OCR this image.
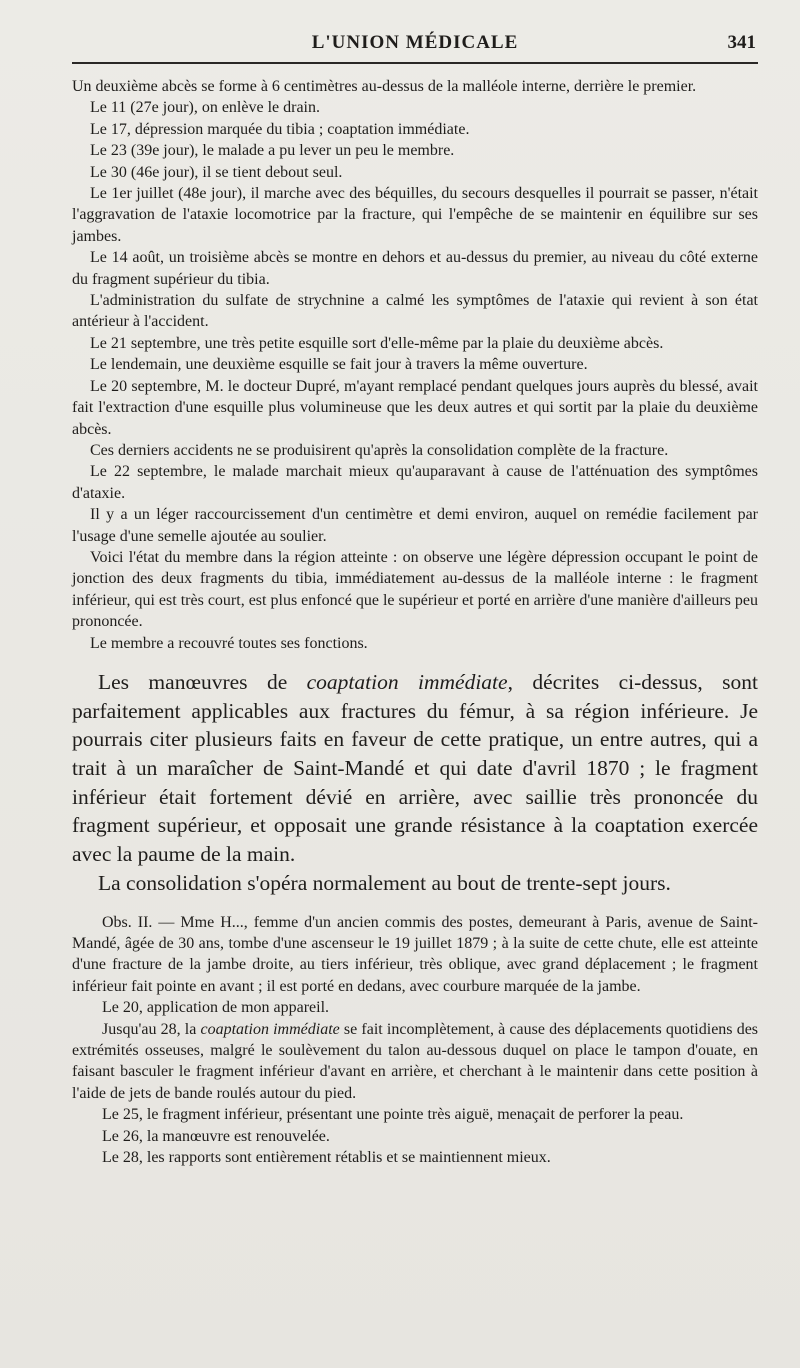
L'UNION MÉDICALE	341

Un deuxième abcès se forme à 6 centimètres au-dessus de la malléole interne, derrière le premier.

Le 11 (27e jour), on enlève le drain.

Le 17, dépression marquée du tibia ; coaptation immédiate.

Le 23 (39e jour), le malade a pu lever un peu le membre.

Le 30 (46e jour), il se tient debout seul.

Le 1er juillet (48e jour), il marche avec des béquilles, du secours desquelles il pourrait se passer, n'était l'aggravation de l'ataxie locomotrice par la fracture, qui l'empêche de se maintenir en équilibre sur ses jambes.

Le 14 août, un troisième abcès se montre en dehors et au-dessus du premier, au niveau du côté externe du fragment supérieur du tibia.

L'administration du sulfate de strychnine a calmé les symptômes de l'ataxie qui revient à son état antérieur à l'accident.

Le 21 septembre, une très petite esquille sort d'elle-même par la plaie du deuxième abcès.

Le lendemain, une deuxième esquille se fait jour à travers la même ouverture.

Le 20 septembre, M. le docteur Dupré, m'ayant remplacé pendant quelques jours auprès du blessé, avait fait l'extraction d'une esquille plus volumineuse que les deux autres et qui sortit par la plaie du deuxième abcès.

Ces derniers accidents ne se produisirent qu'après la consolidation complète de la fracture.

Le 22 septembre, le malade marchait mieux qu'auparavant à cause de l'atténuation des symptômes d'ataxie.

Il y a un léger raccourcissement d'un centimètre et demi environ, auquel on remédie facilement par l'usage d'une semelle ajoutée au soulier.

Voici l'état du membre dans la région atteinte : on observe une légère dépression occupant le point de jonction des deux fragments du tibia, immédiatement au-dessus de la malléole interne : le fragment inférieur, qui est très court, est plus enfoncé que le supérieur et porté en arrière d'une manière d'ailleurs peu prononcée.

Le membre a recouvré toutes ses fonctions.

Les manœuvres de coaptation immédiate, décrites ci-dessus, sont parfaitement applicables aux fractures du fémur, à sa région inférieure. Je pourrais citer plusieurs faits en faveur de cette pratique, un entre autres, qui a trait à un maraîcher de Saint-Mandé et qui date d'avril 1870 ; le fragment inférieur était fortement dévié en arrière, avec saillie très prononcée du fragment supérieur, et opposait une grande résistance à la coaptation exercée avec la paume de la main.

La consolidation s'opéra normalement au bout de trente-sept jours.

Obs. II. — Mme H..., femme d'un ancien commis des postes, demeurant à Paris, avenue de Saint-Mandé, âgée de 30 ans, tombe d'une ascenseur le 19 juillet 1879 ; à la suite de cette chute, elle est atteinte d'une fracture de la jambe droite, au tiers inférieur, très oblique, avec grand déplacement ; le fragment inférieur fait pointe en avant ; il est porté en dedans, avec courbure marquée de la jambe.

Le 20, application de mon appareil.

Jusqu'au 28, la coaptation immédiate se fait incomplètement, à cause des déplacements quotidiens des extrémités osseuses, malgré le soulèvement du talon au-dessous duquel on place le tampon d'ouate, en faisant basculer le fragment inférieur d'avant en arrière, et cherchant à le maintenir dans cette position à l'aide de jets de bande roulés autour du pied.

Le 25, le fragment inférieur, présentant une pointe très aiguë, menaçait de perforer la peau.

Le 26, la manœuvre est renouvelée.

Le 28, les rapports sont entièrement rétablis et se maintiennent mieux.
